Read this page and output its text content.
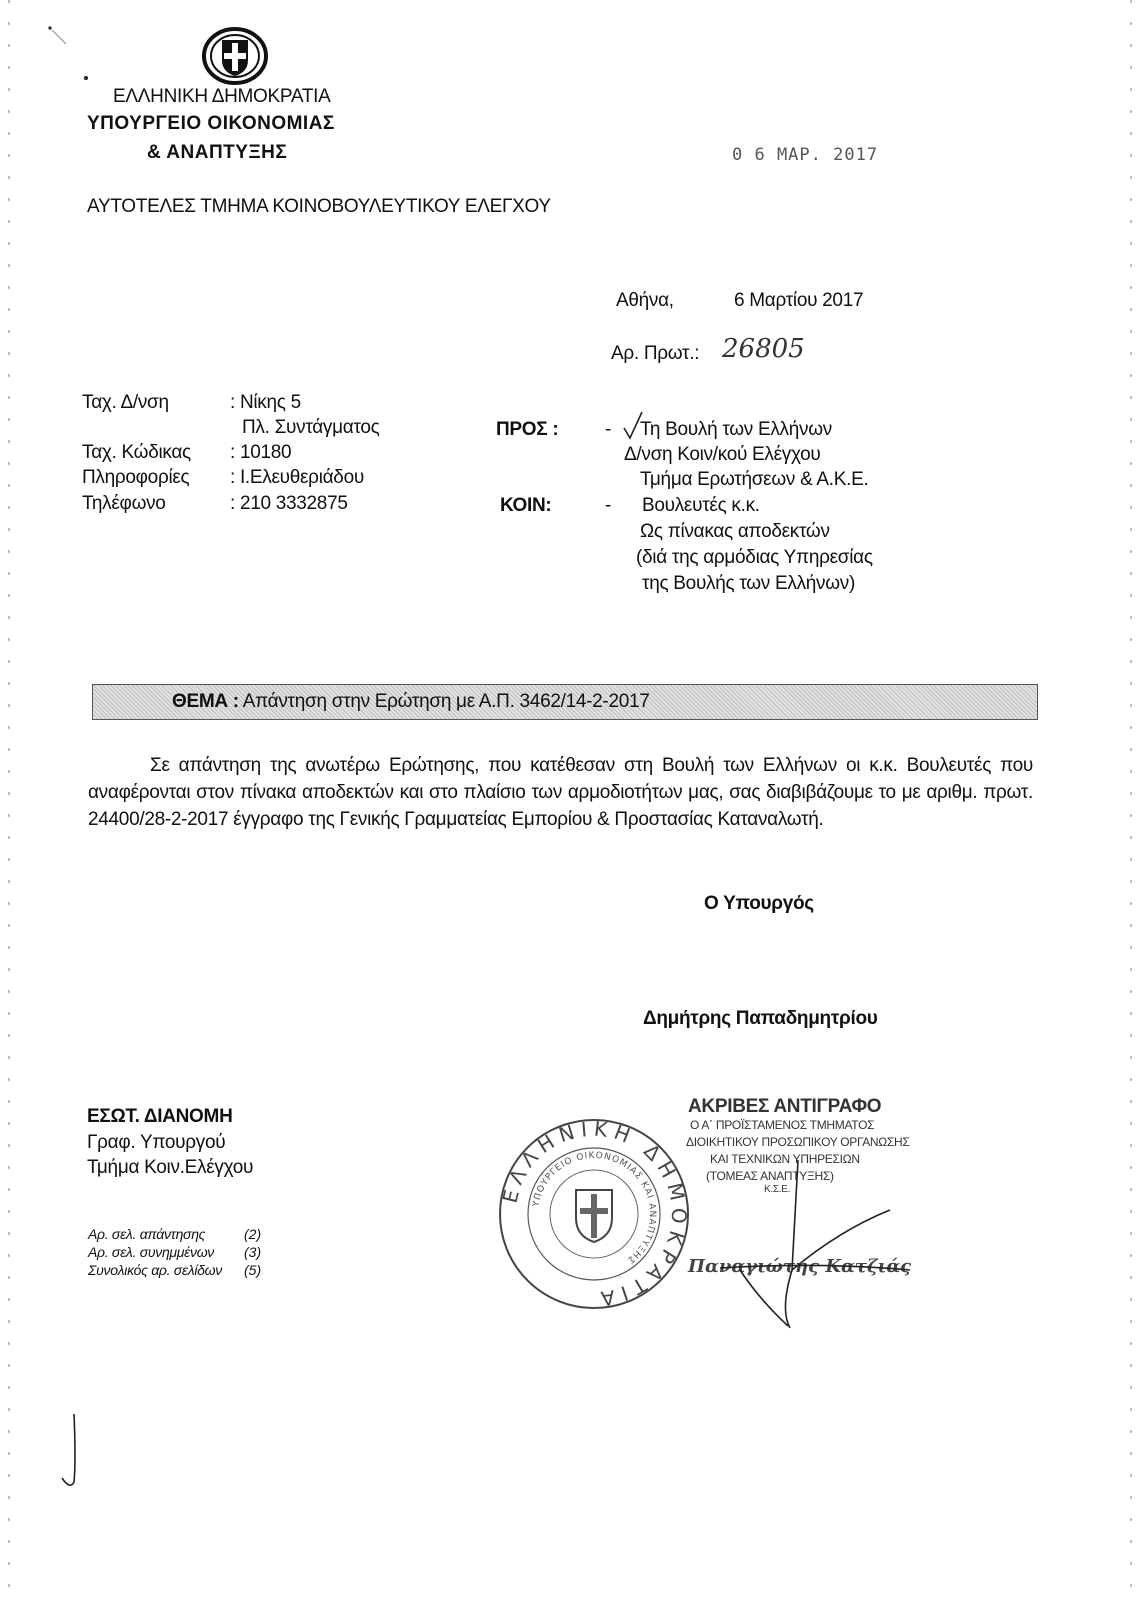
ΕΛΛΗΝΙΚΗ ΔΗΜΟΚΡΑΤΙΑ
ΥΠΟΥΡΓΕΙΟ ΟΙΚΟΝΟΜΙΑΣ
& ΑΝΑΠΤΥΞΗΣ	0 6 ΜΑΡ. 2017
ΑΥΤΟΤΕΛΕΣ ΤΜΗΜΑ ΚΟΙΝΟΒΟΥΛΕΥΤΙΚΟΥ ΕΛΕΓΧΟΥ
Αθήνα,	6 Μαρτίου 2017
Αρ. Πρωτ.: 26805
Ταχ. Δ/νση	: Νίκης 5
Πλ. Συντάγματος
Ταχ. Κώδικας : 10180
Πληροφορίες : Ι.Ελευθεριάδου
Τηλέφωνο	: 210 3332875
ΠΡΟΣ : - Τη Βουλή των Ελλήνων
Δ/νση Κοιν/κού Ελέγχου
Τμήμα Ερωτήσεων & Α.Κ.Ε.
ΚΟΙΝ:	- Βουλευτές κ.κ.
Ως πίνακας αποδεκτών
(διά της αρμόδιας Υπηρεσίας
της Βουλής των Ελλήνων)
ΘΕΜΑ : Απάντηση στην Ερώτηση με Α.Π. 3462/14-2-2017

Σε απάντηση της ανωτέρω Ερώτησης, που κατέθεσαν στη Βουλή των Ελλήνων οι κ.κ. Βουλευτές που αναφέρονται στον πίνακα αποδεκτών και στο πλαίσιο των αρμοδιοτήτων μας, σας διαβιβάζουμε το με αριθμ. πρωτ. 24400/28-2-2017 έγγραφο της Γενικής Γραμματείας Εμπορίου & Προστασίας Καταναλωτή.

Ο Υπουργός
Δημήτρης Παπαδημητρίου
ΕΣΩΤ. ΔΙΑΝΟΜΗ
Γραφ. Υπουργού
Τμήμα Κοιν.Ελέγχου
Αρ. σελ. απάντησης	(2)
Αρ. σελ. συνημμένων (3)
Συνολικός αρ. σελίδων (5)
ΕΛΛΗΝΙΚΗ ΔΗΜΟΚΡΑΤΙΑ
ΥΠΟΥΡΓΕΙΟ ΟΙΚΟΝΟΜΙΑΣ ΚΑΙ ΑΝΑΠΤΥΞΗΣ
ΑΚΡΙΒΕΣ ΑΝΤΙΓΡΑΦΟ
Ο Α΄ ΠΡΟΪΣΤΑΜΕΝΟΣ ΤΜΗΜΑΤΟΣ
ΔΙΟΙΚΗΤΙΚΟΥ ΠΡΟΣΩΠΙΚΟΥ ΟΡΓΑΝΩΣΗΣ
ΚΑΙ ΤΕΧΝΙΚΩΝ ΥΠΗΡΕΣΙΩΝ
(ΤΟΜΕΑΣ ΑΝΑΠΤΥΞΗΣ)
Κ.Σ.Ε.
Παναγιώτης Κατζιάς
